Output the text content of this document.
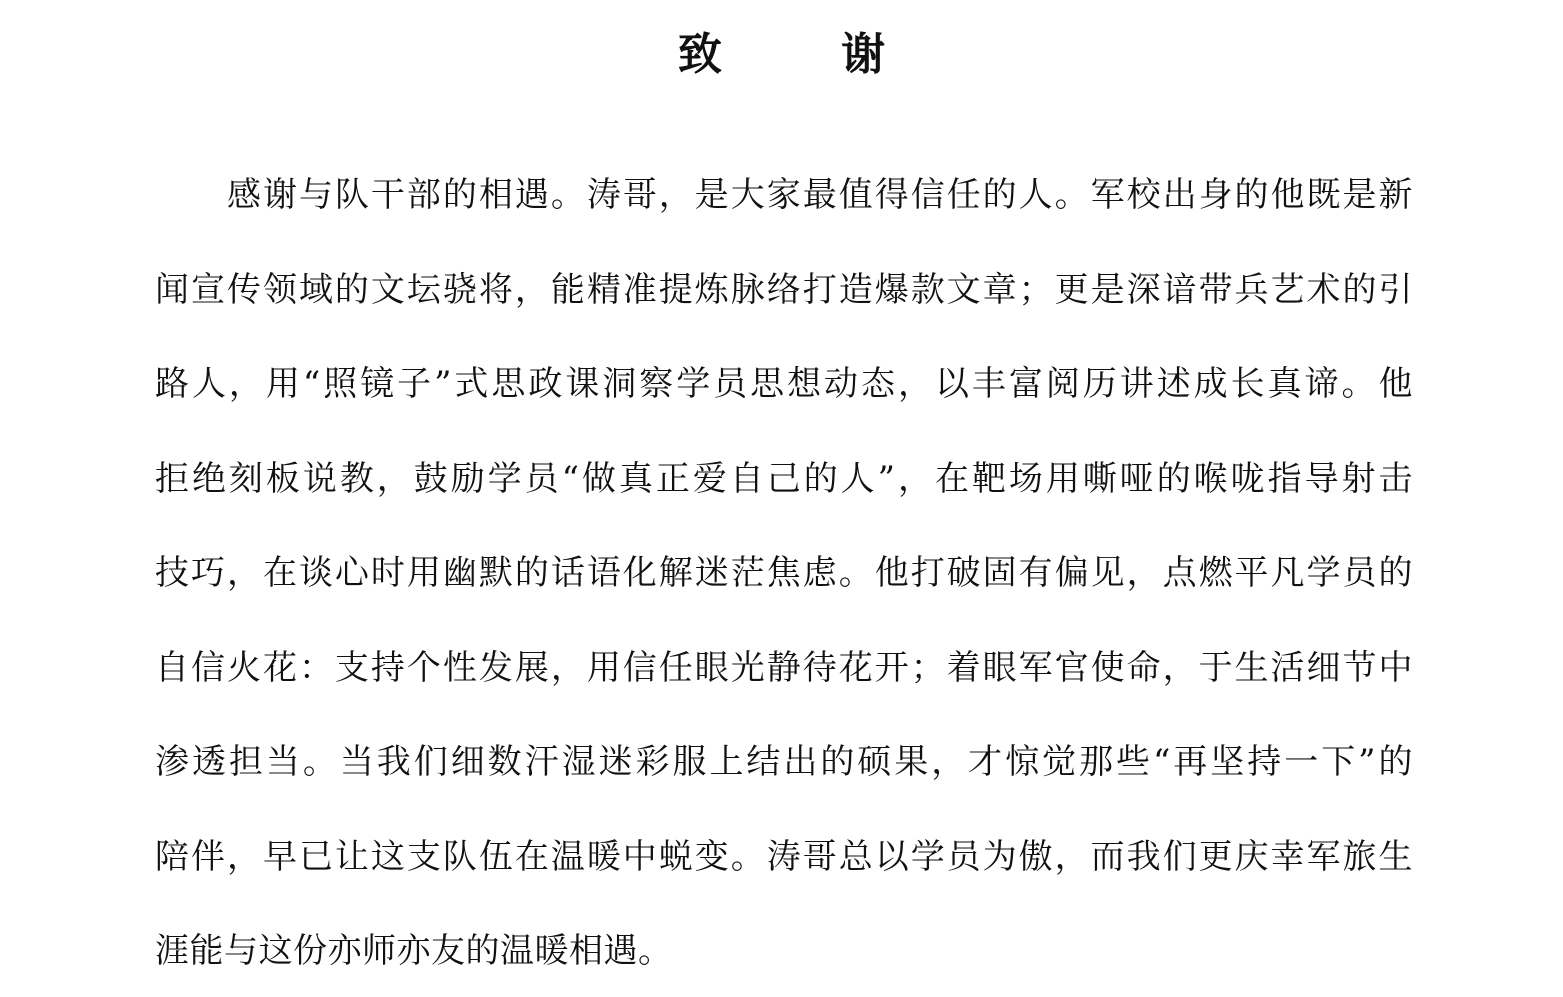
致 谢
感谢与队干部的相遇。涛哥，是大家最值得信任的人。军校出身的他既是新
闻宣传领域的文坛骁将，能精准提炼脉络打造爆款文章；更是深谙带兵艺术的引
路人，用“照镜子”式思政课洞察学员思想动态，以丰富阅历讲述成长真谛。他
拒绝刻板说教，鼓励学员“做真正爱自己的人”，在靶场用嘶哑的喉咙指导射击
技巧，在谈心时用幽默的话语化解迷茫焦虑。他打破固有偏见，点燃平凡学员的
自信火花：支持个性发展，用信任眼光静待花开；着眼军官使命，于生活细节中
渗透担当。当我们细数汗湿迷彩服上结出的硕果，才惊觉那些“再坚持一下”的
陪伴，早已让这支队伍在温暖中蜕变。涛哥总以学员为傲，而我们更庆幸军旅生
涯能与这份亦师亦友的温暖相遇。
